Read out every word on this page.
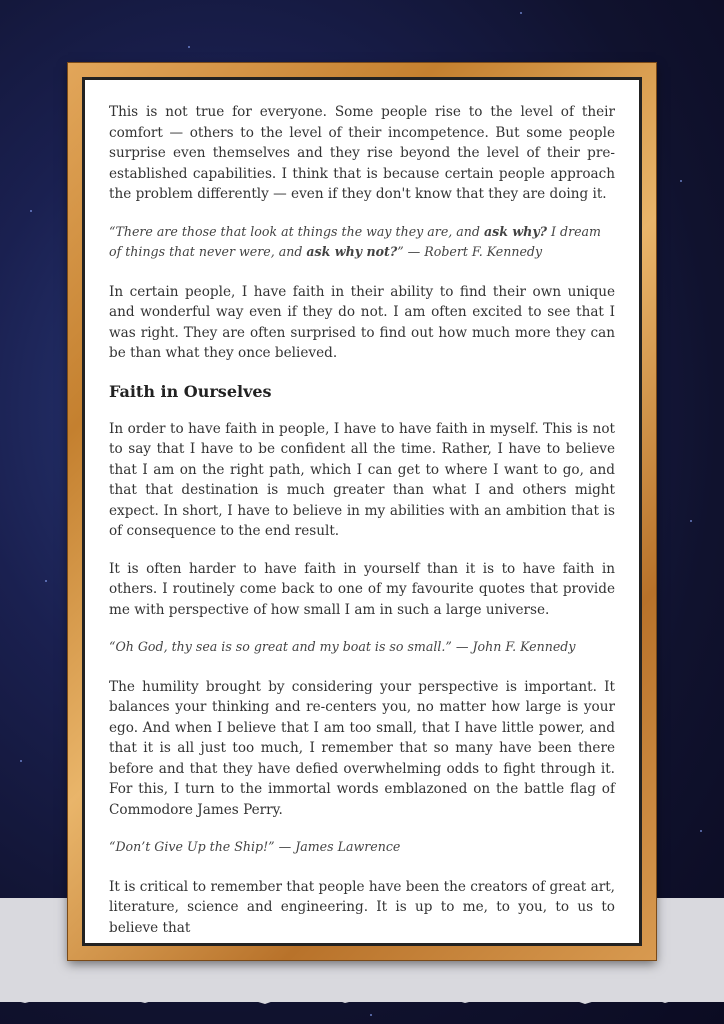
This is not true for everyone. Some people rise to the level of their comfort — others to the level of their incompetence. But some people surprise even themselves and they rise beyond the level of their pre-established capabilities. I think that is because certain people approach the problem differently — even if they don't know that they are doing it.

“There are those that look at things the way they are, and ask why? I dream of things that never were, and ask why not?” — Robert F. Kennedy

In certain people, I have faith in their ability to find their own unique and wonderful way even if they do not. I am often excited to see that I was right. They are often surprised to find out how much more they can be than what they once believed.

Faith in Ourselves

In order to have faith in people, I have to have faith in myself. This is not to say that I have to be confident all the time. Rather, I have to believe that I am on the right path, which I can get to where I want to go, and that that destination is much greater than what I and others might expect. In short, I have to believe in my abilities with an ambition that is of consequence to the end result.

It is often harder to have faith in yourself than it is to have faith in others. I routinely come back to one of my favourite quotes that provide me with perspective of how small I am in such a large universe.

“Oh God, thy sea is so great and my boat is so small.” — John F. Kennedy

The humility brought by considering your perspective is important. It balances your thinking and re-centers you, no matter how large is your ego. And when I believe that I am too small, that I have little power, and that it is all just too much, I remember that so many have been there before and that they have defied overwhelming odds to fight through it. For this, I turn to the immortal words emblazoned on the battle flag of Commodore James Perry.

“Don’t Give Up the Ship!” — James Lawrence

It is critical to remember that people have been the creators of great art, literature, science and engineering. It is up to me, to you, to us to believe that
